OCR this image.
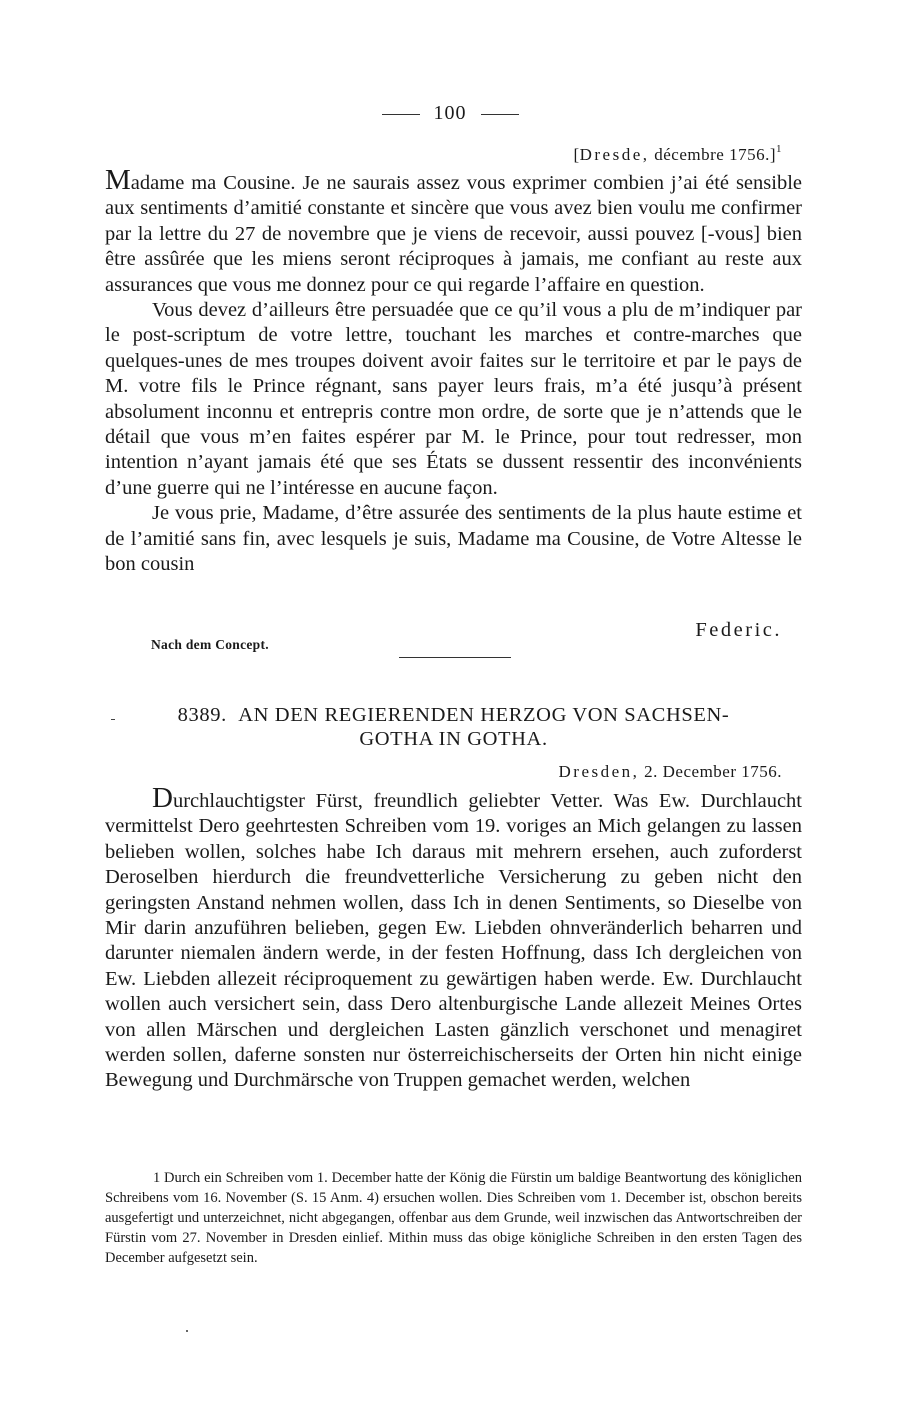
100
[Dresde, décembre 1756.]$^1$

Madame ma Cousine. Je ne saurais assez vous exprimer combien j’ai été sensible aux sentiments d’amitié constante et sincère que vous avez bien voulu me confirmer par la lettre du 27 de novembre que je viens de recevoir, aussi pouvez [-vous] bien être assûrée que les miens seront réciproques à jamais, me confiant au reste aux assurances que vous me donnez pour ce qui regarde l’affaire en question.

Vous devez d’ailleurs être persuadée que ce qu’il vous a plu de m’indiquer par le post-scriptum de votre lettre, touchant les marches et contre-marches que quelques-unes de mes troupes doivent avoir faites sur le territoire et par le pays de M. votre fils le Prince régnant, sans payer leurs frais, m’a été jusqu’à présent absolument inconnu et entrepris contre mon ordre, de sorte que je n’attends que le détail que vous m’en faites espérer par M. le Prince, pour tout redresser, mon intention n’ayant jamais été que ses États se dussent ressentir des inconvénients d’une guerre qui ne l’intéresse en aucune façon.

Je vous prie, Madame, d’être assurée des sentiments de la plus haute estime et de l’amitié sans fin, avec lesquels je suis, Madame ma Cousine, de Votre Altesse le bon cousin

Federic.
Nach dem Concept.
8389. AN DEN REGIERENDEN HERZOG VON SACHSEN-
GOTHA IN GOTHA.
Dresden, 2. December 1756.

Durchlauchtigster Fürst, freundlich geliebter Vetter. Was Ew. Durchlaucht vermittelst Dero geehrtesten Schreiben vom 19. voriges an Mich gelangen zu lassen belieben wollen, solches habe Ich daraus mit mehrern ersehen, auch zuforderst Deroselben hierdurch die freundvetterliche Versicherung zu geben nicht den geringsten Anstand nehmen wollen, dass Ich in denen Sentiments, so Dieselbe von Mir darin anzuführen belieben, gegen Ew. Liebden ohnveränderlich beharren und darunter niemalen ändern werde, in der festen Hoffnung, dass Ich dergleichen von Ew. Liebden allezeit réciproquement zu gewärtigen haben werde. Ew. Durchlaucht wollen auch versichert sein, dass Dero altenburgische Lande allezeit Meines Ortes von allen Märschen und dergleichen Lasten gänzlich verschonet und menagiret werden sollen, daferne sonsten nur österreichischerseits der Orten hin nicht einige Bewegung und Durchmärsche von Truppen gemachet werden, welchen

1 Durch ein Schreiben vom 1. December hatte der König die Fürstin um baldige Beantwortung des königlichen Schreibens vom 16. November (S. 15 Anm. 4) ersuchen wollen. Dies Schreiben vom 1. December ist, obschon bereits ausgefertigt und unterzeichnet, nicht abgegangen, offenbar aus dem Grunde, weil inzwischen das Antwortschreiben der Fürstin vom 27. November in Dresden einlief. Mithin muss das obige königliche Schreiben in den ersten Tagen des December aufgesetzt sein.
